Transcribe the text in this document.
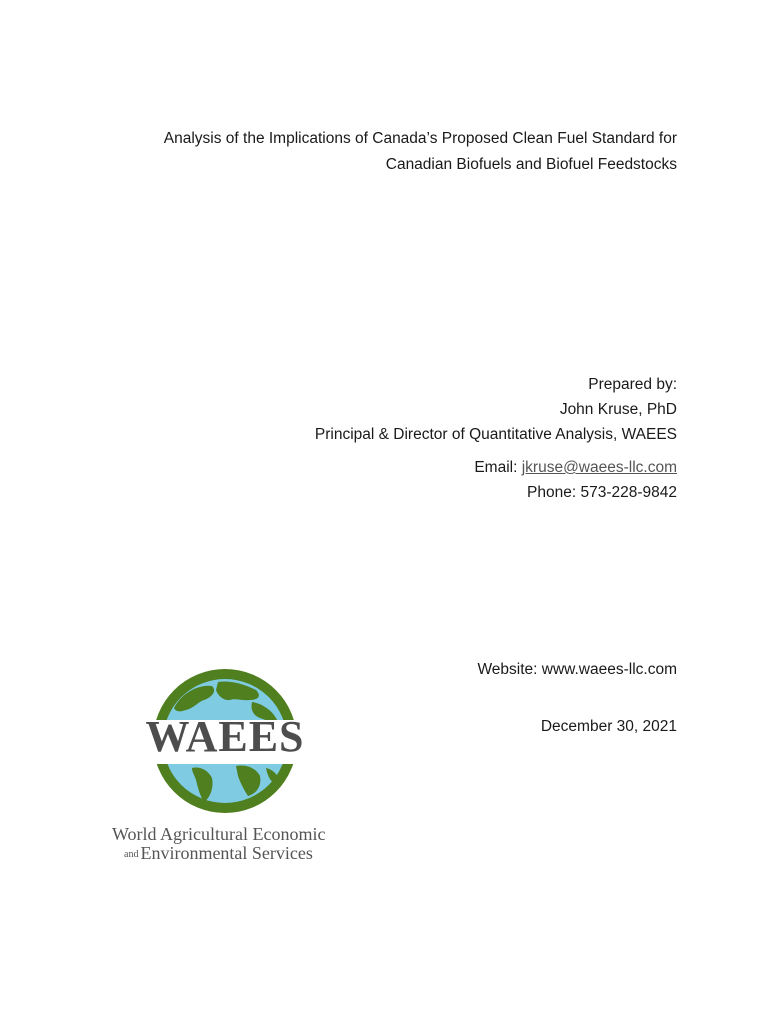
Analysis of the Implications of Canada’s Proposed Clean Fuel Standard for
Canadian Biofuels and Biofuel Feedstocks
Prepared by:
John Kruse, PhD
Principal & Director of Quantitative Analysis, WAEES
Email: jkruse@waees-llc.com
Phone: 573-228-9842
Website: www.waees-llc.com
December 30, 2021
WAEES
World Agricultural Economic
and Environmental Services
